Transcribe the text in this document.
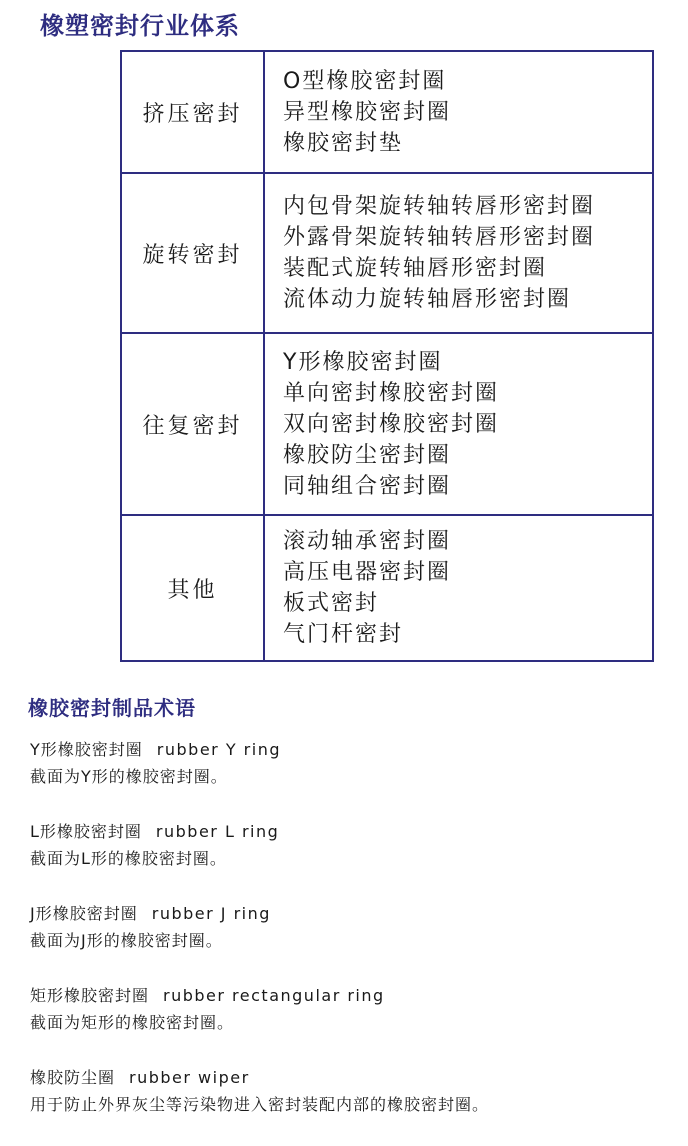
橡塑密封行业体系
挤压密封
O型橡胶密封圈
异型橡胶密封圈
橡胶密封垫
旋转密封
内包骨架旋转轴转唇形密封圈
外露骨架旋转轴转唇形密封圈
装配式旋转轴唇形密封圈
流体动力旋转轴唇形密封圈
往复密封
Y形橡胶密封圈
单向密封橡胶密封圈
双向密封橡胶密封圈
橡胶防尘密封圈
同轴组合密封圈
其他
滚动轴承密封圈
高压电器密封圈
板式密封
气门杆密封
橡胶密封制品术语
Y形橡胶密封圈 rubber Y ring
截面为Y形的橡胶密封圈。
L形橡胶密封圈 rubber L ring
截面为L形的橡胶密封圈。
J形橡胶密封圈 rubber J ring
截面为J形的橡胶密封圈。
矩形橡胶密封圈 rubber rectangular ring
截面为矩形的橡胶密封圈。
橡胶防尘圈 rubber wiper
用于防止外界灰尘等污染物进入密封装配内部的橡胶密封圈。
